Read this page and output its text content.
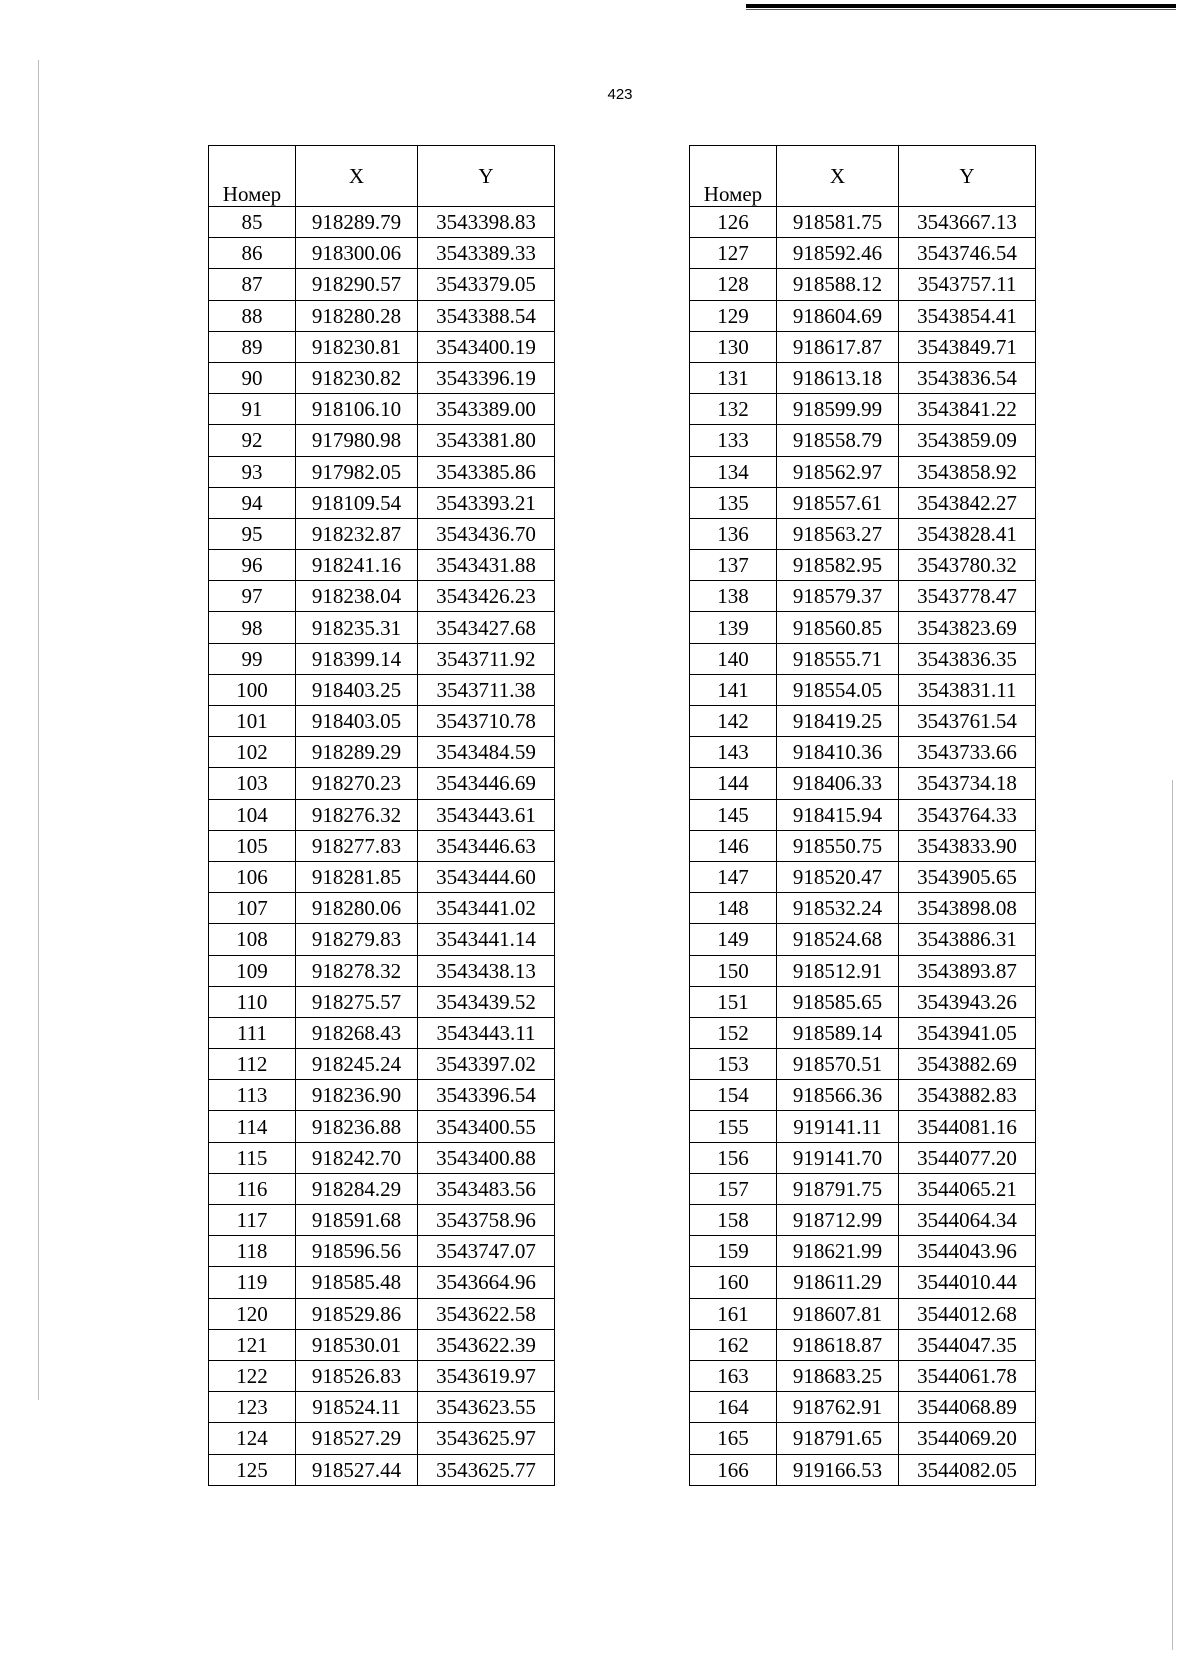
423
Номер	X	Y
85	918289.79	3543398.83
86	918300.06	3543389.33
87	918290.57	3543379.05
88	918280.28	3543388.54
89	918230.81	3543400.19
90	918230.82	3543396.19
91	918106.10	3543389.00
92	917980.98	3543381.80
93	917982.05	3543385.86
94	918109.54	3543393.21
95	918232.87	3543436.70
96	918241.16	3543431.88
97	918238.04	3543426.23
98	918235.31	3543427.68
99	918399.14	3543711.92
100	918403.25	3543711.38
101	918403.05	3543710.78
102	918289.29	3543484.59
103	918270.23	3543446.69
104	918276.32	3543443.61
105	918277.83	3543446.63
106	918281.85	3543444.60
107	918280.06	3543441.02
108	918279.83	3543441.14
109	918278.32	3543438.13
110	918275.57	3543439.52
111	918268.43	3543443.11
112	918245.24	3543397.02
113	918236.90	3543396.54
114	918236.88	3543400.55
115	918242.70	3543400.88
116	918284.29	3543483.56
117	918591.68	3543758.96
118	918596.56	3543747.07
119	918585.48	3543664.96
120	918529.86	3543622.58
121	918530.01	3543622.39
122	918526.83	3543619.97
123	918524.11	3543623.55
124	918527.29	3543625.97
125	918527.44	3543625.77
Номер	X	Y
126	918581.75	3543667.13
127	918592.46	3543746.54
128	918588.12	3543757.11
129	918604.69	3543854.41
130	918617.87	3543849.71
131	918613.18	3543836.54
132	918599.99	3543841.22
133	918558.79	3543859.09
134	918562.97	3543858.92
135	918557.61	3543842.27
136	918563.27	3543828.41
137	918582.95	3543780.32
138	918579.37	3543778.47
139	918560.85	3543823.69
140	918555.71	3543836.35
141	918554.05	3543831.11
142	918419.25	3543761.54
143	918410.36	3543733.66
144	918406.33	3543734.18
145	918415.94	3543764.33
146	918550.75	3543833.90
147	918520.47	3543905.65
148	918532.24	3543898.08
149	918524.68	3543886.31
150	918512.91	3543893.87
151	918585.65	3543943.26
152	918589.14	3543941.05
153	918570.51	3543882.69
154	918566.36	3543882.83
155	919141.11	3544081.16
156	919141.70	3544077.20
157	918791.75	3544065.21
158	918712.99	3544064.34
159	918621.99	3544043.96
160	918611.29	3544010.44
161	918607.81	3544012.68
162	918618.87	3544047.35
163	918683.25	3544061.78
164	918762.91	3544068.89
165	918791.65	3544069.20
166	919166.53	3544082.05
